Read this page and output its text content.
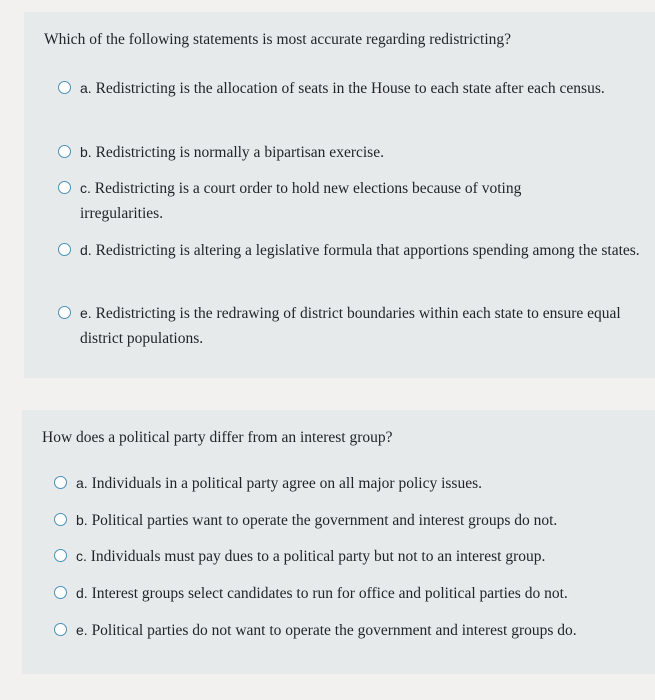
Which of the following statements is most accurate regarding redistricting?

a. Redistricting is the allocation of seats in the House to each state after each census.
b. Redistricting is normally a bipartisan exercise.
c. Redistricting is a court order to hold new elections because of voting irregularities.
d. Redistricting is altering a legislative formula that apportions spending among the states.
e. Redistricting is the redrawing of district boundaries within each state to ensure equal district populations.

How does a political party differ from an interest group?

a. Individuals in a political party agree on all major policy issues.
b. Political parties want to operate the government and interest groups do not.
c. Individuals must pay dues to a political party but not to an interest group.
d. Interest groups select candidates to run for office and political parties do not.
e. Political parties do not want to operate the government and interest groups do.
